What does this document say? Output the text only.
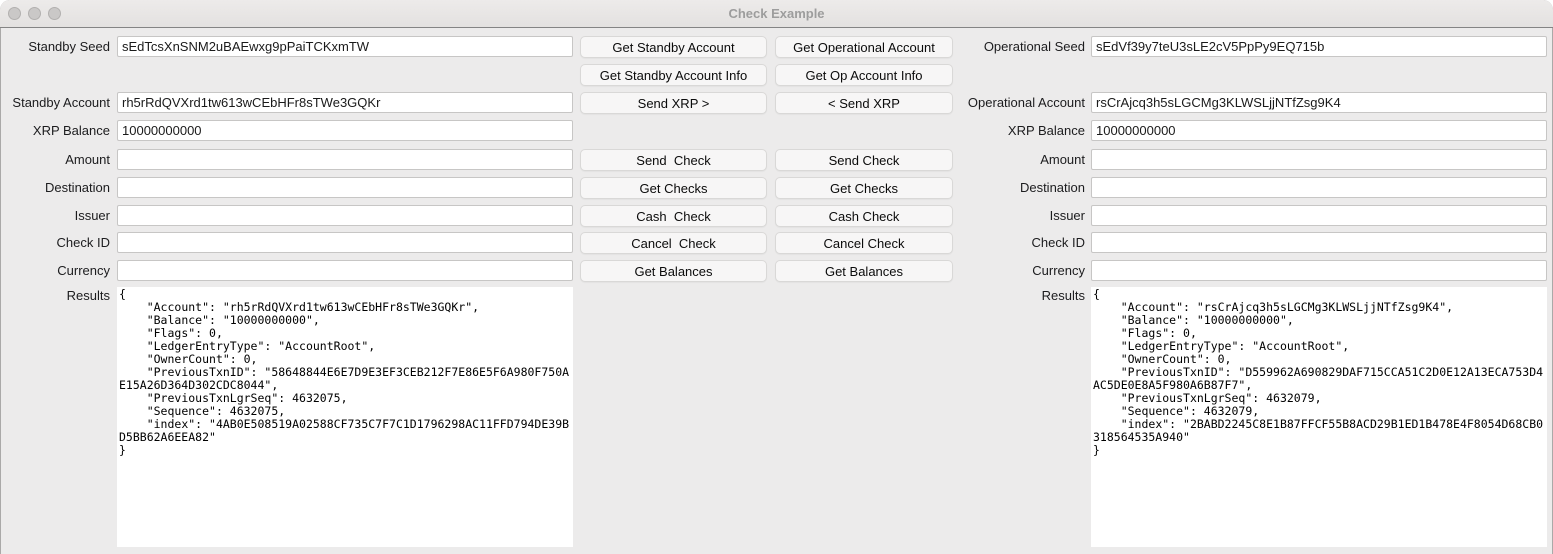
Check Example
Standby Seed
sEdTcsXnSNM2uBAEwxg9pPaiTCKxmTW
Standby Account
rh5rRdQVXrd1tw613wCEbHFr8sTWe3GQKr
XRP Balance
10000000000
Amount
Destination
Issuer
Check ID
Currency
Results
{ "Account": "rh5rRdQVXrd1tw613wCEbHFr8sTWe3GQKr", "Balance": "10000000000", "Flags": 0, "LedgerEntryType": "AccountRoot", "OwnerCount": 0, "PreviousTxnID": "58648844E6E7D9E3EF3CEB212F7E86E5F6A980F750AE15A26D364D302CDC8044", "PreviousTxnLgrSeq": 4632075, "Sequence": 4632075, "index": "4AB0E508519A02588CF735C7F7C1D1796298AC11FFD794DE39BD5BB62A6EEA82" }
Get Standby Account
Get Standby Account Info
Send XRP >
Send  Check
Get Checks
Cash  Check
Cancel  Check
Get Balances
Get Operational Account
Get Op Account Info
< Send XRP
Send Check
Get Checks
Cash Check
Cancel Check
Get Balances
Operational Seed
sEdVf39y7teU3sLE2cV5PpPy9EQ715b
Operational Account
rsCrAjcq3h5sLGCMg3KLWSLjjNTfZsg9K4
XRP Balance
10000000000
Amount
Destination
Issuer
Check ID
Currency
Results
{ "Account": "rsCrAjcq3h5sLGCMg3KLWSLjjNTfZsg9K4", "Balance": "10000000000", "Flags": 0, "LedgerEntryType": "AccountRoot", "OwnerCount": 0, "PreviousTxnID": "D559962A690829DAF715CCA51C2D0E12A13ECA753D4AC5DE0E8A5F980A6B87F7", "PreviousTxnLgrSeq": 4632079, "Sequence": 4632079, "index": "2BABD2245C8E1B87FFCF55B8ACD29B1ED1B478E4F8054D68CB0318564535A940" }
